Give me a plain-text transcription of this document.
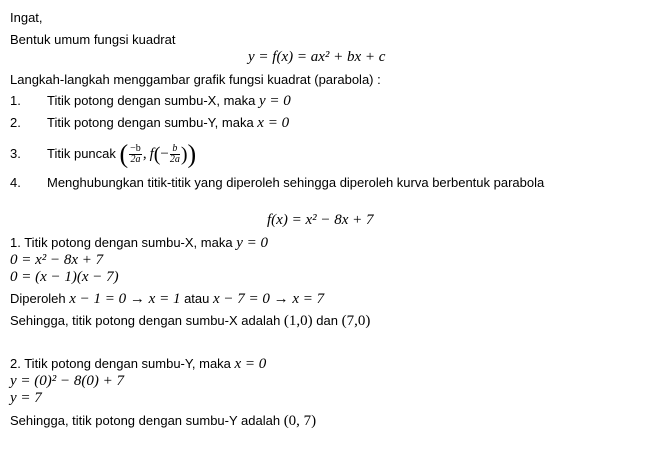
Ingat,
Bentuk umum fungsi kuadrat
y = f(x) = ax² + bx + c
Langkah-langkah menggambar grafik fungsi kuadrat (parabola) :
1. Titik potong dengan sumbu-X, maka y = 0
2. Titik potong dengan sumbu-Y, maka x = 0
3. Titik puncak ( $\frac{-b}{2a}$ , $f(- \frac{b}{2a}$ ))
4. Menghubungkan titik-titik yang diperoleh sehingga diperoleh kurva berbentuk parabola
f(x) = x² − 8x + 7
1. Titik potong dengan sumbu-X, maka y = 0
0 = x² − 8x + 7
0 = (x − 1)(x − 7)
Diperoleh x − 1 = 0 → x = 1 atau x − 7 = 0 → x = 7
Sehingga, titik potong dengan sumbu-X adalah (1,0) dan (7,0)
2. Titik potong dengan sumbu-Y, maka x = 0
y = (0)² − 8(0) + 7
y = 7
Sehingga, titik potong dengan sumbu-Y adalah (0, 7)
